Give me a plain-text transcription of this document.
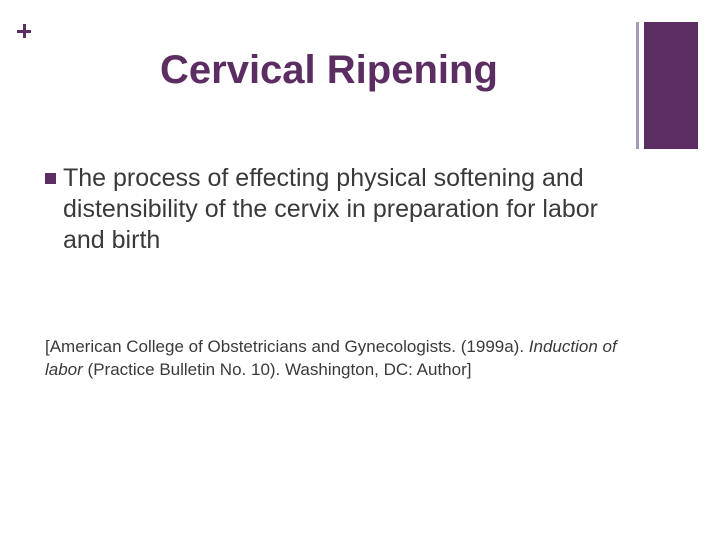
Cervical Ripening

The process of effecting physical softening and distensibility of the cervix in preparation for labor and birth

[American College of Obstetricians and Gynecologists. (1999a). Induction of labor (Practice Bulletin No. 10). Washington, DC: Author]
